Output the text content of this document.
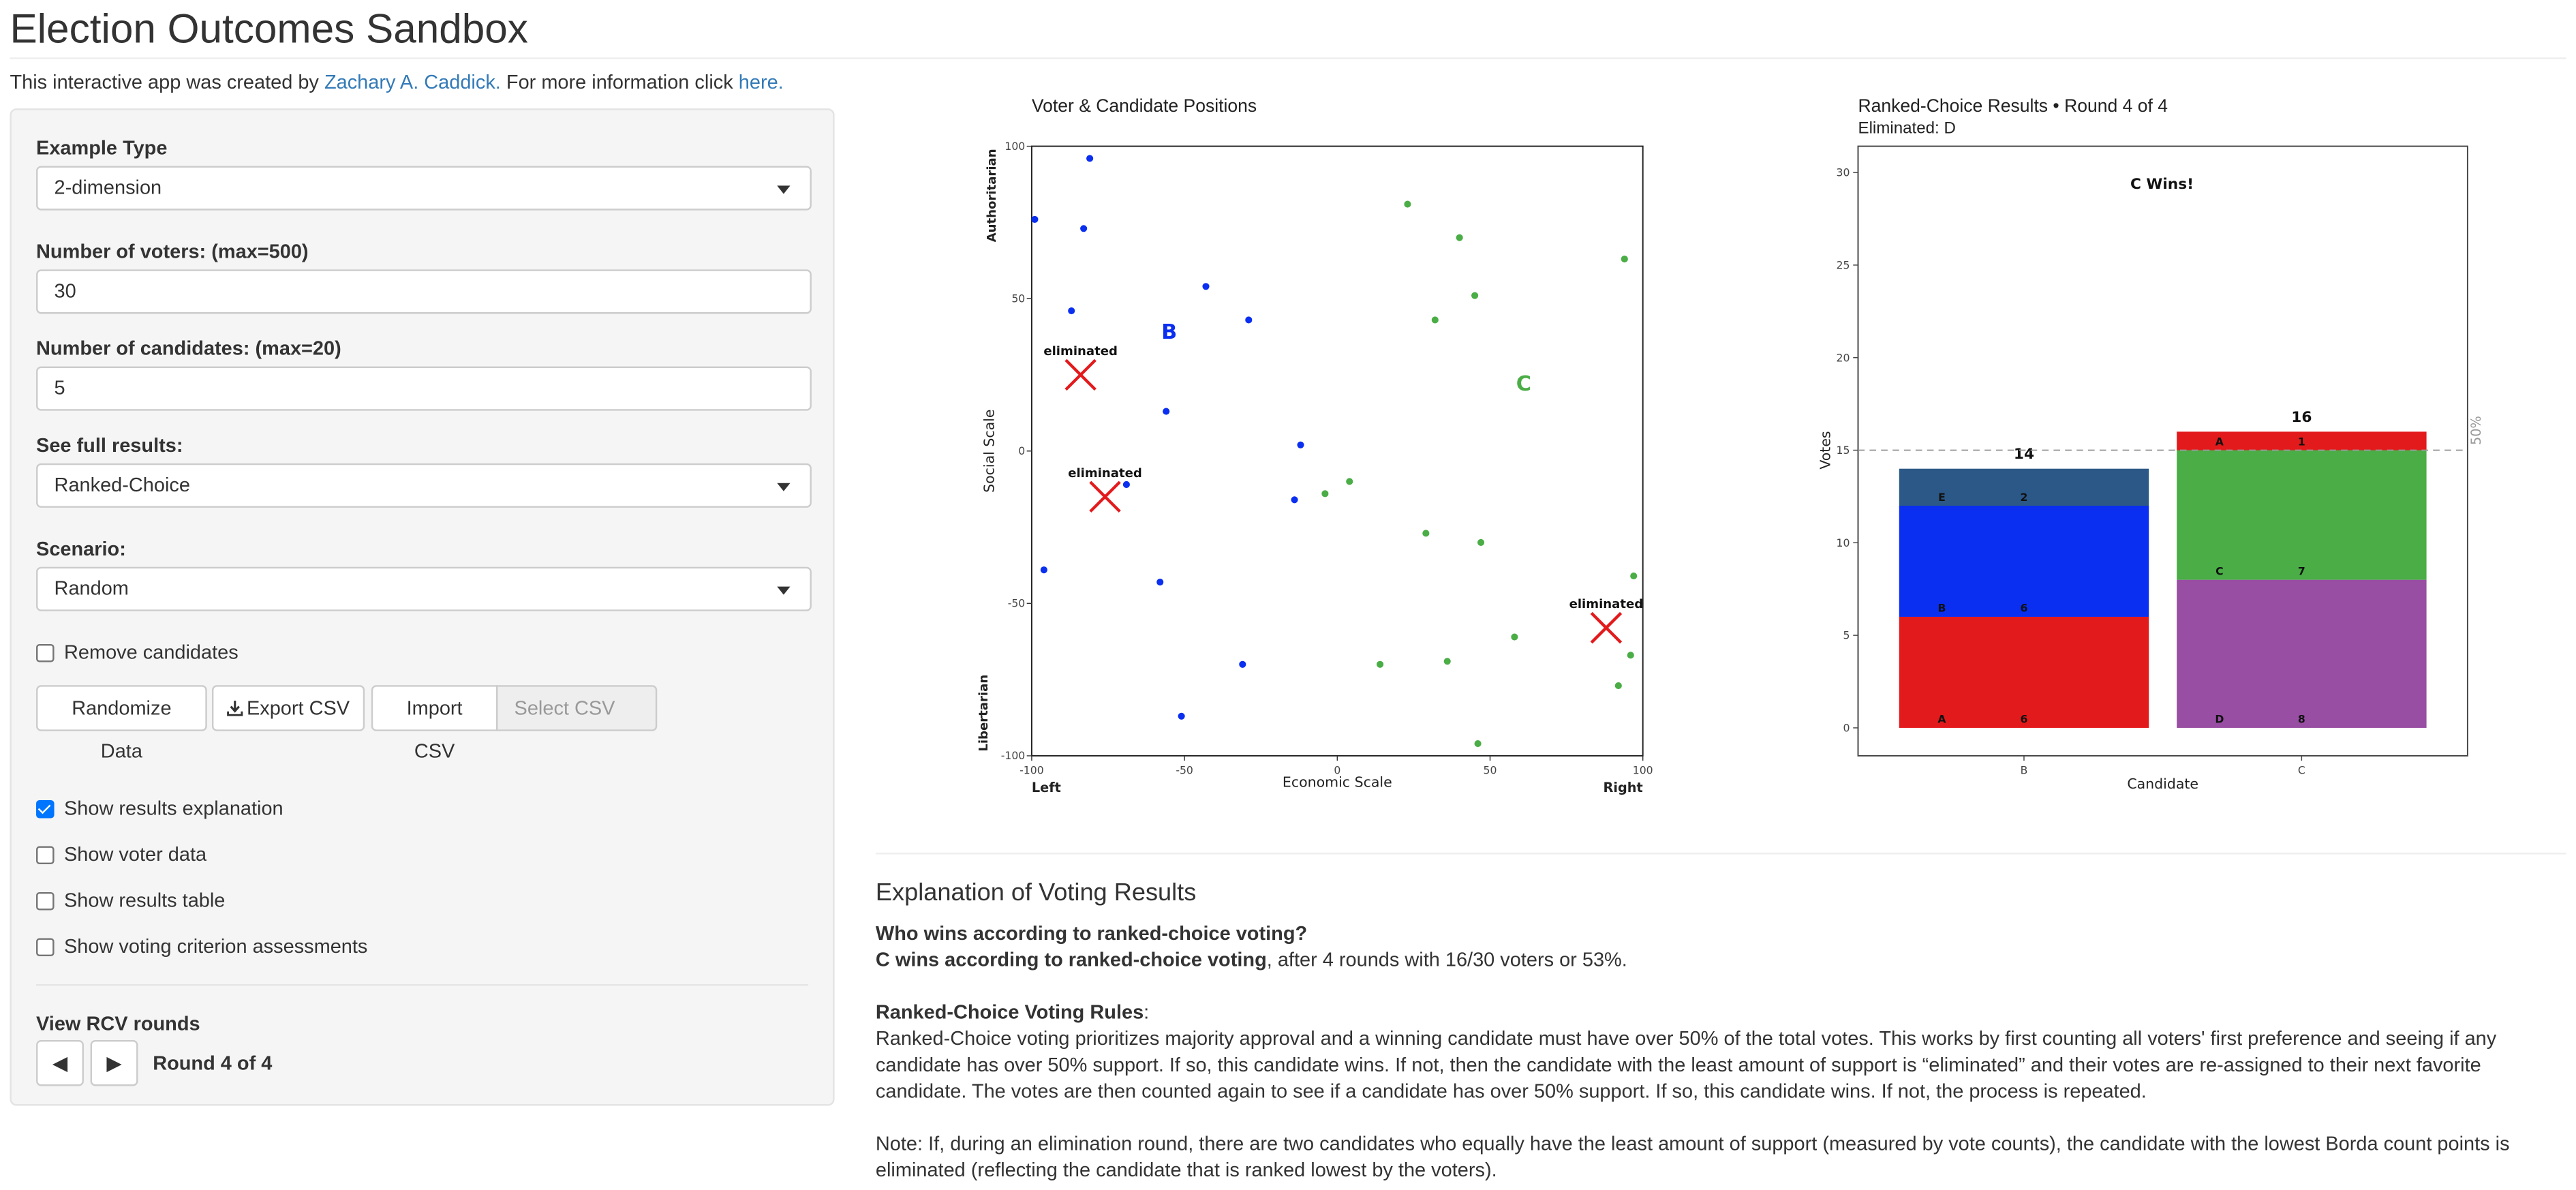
Election Outcomes Sandbox
This interactive app was created by Zachary A. Caddick. For more information click here.
Example Type
2-dimension
Number of voters: (max=500)
30
Number of candidates: (max=20)
5
See full results:
Ranked-Choice
Scenario:
Random
Remove candidates
Randomize Data
Export CSV	Import CSV
Select CSV
Show results explanation
Show voter data
Show results table
Show voting criterion assessments
View RCV rounds
◀	▶	Round 4 of 4
Voter & Candidate Positions
-100	-50	0	50	100
-100
-50
0
50
100
Economic Scale
Left	Right
Social Scale
Authoritarian
Libertarian
B
C
eliminated
eliminated
eliminated
Ranked-Choice Results • Round 4 of 4
Eliminated: D
0
5
10
15
20
25
30
Votes
Candidate
A	6
B	6
E	2
14
B
D	8
C	7
A	1
16
C
50%
C Wins!
Explanation of Voting Results
Who wins according to ranked-choice voting?
C wins according to ranked-choice voting, after 4 rounds with 16/30 voters or 53%.
Ranked-Choice Voting Rules:
Ranked-Choice voting prioritizes majority approval and a winning candidate must have over 50% of the total votes. This works by first counting all voters' first preference and seeing if any candidate has over 50% support. If so, this candidate wins. If not, then the candidate with the least amount of support is “eliminated” and their votes are re-assigned to their next favorite candidate. The votes are then counted again to see if a candidate has over 50% support. If so, this candidate wins. If not, the process is repeated.
Note: If, during an elimination round, there are two candidates who equally have the least amount of support (measured by vote counts), the candidate with the lowest Borda count points is eliminated (reflecting the candidate that is ranked lowest by the voters).
